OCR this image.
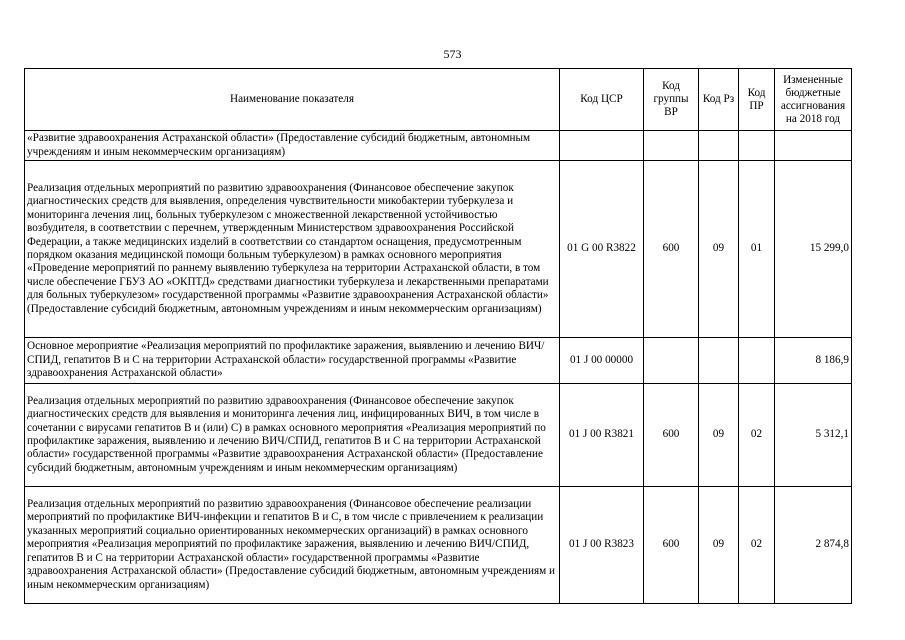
573
Наименование показателя	Код ЦСР	Код группы ВР	Код Рз	Код ПР	Измененные бюджетные ассигнования на 2018 год
«Развитие здравоохранения Астраханской области» (Предоставление субсидий бюджетным, автономным учреждениям и иным некоммерческим организациям)					
Реализация отдельных мероприятий по развитию здравоохранения (Финансовое обеспечение закупок диагностических средств для выявления, определения чувствительности микобактерии туберкулеза и мониторинга лечения лиц, больных туберкулезом с множественной лекарственной устойчивостью возбудителя, в соответствии с перечнем, утвержденным Министерством здравоохранения Российской Федерации, а также медицинских изделий в соответствии со стандартом оснащения, предусмотренным порядком оказания медицинской помощи больным туберкулезом) в рамках основного мероприятия «Проведение мероприятий по раннему выявлению туберкулеза на территории Астраханской области, в том числе обеспечение ГБУЗ АО «ОКПТД» средствами диагностики туберкулеза и лекарственными препаратами для больных туберкулезом» государственной программы «Развитие здравоохранения Астраханской области» (Предоставление субсидий бюджетным, автономным учреждениям и иным некоммерческим организациям)	01 G 00 R3822	600	09	01	15 299,0
Основное мероприятие «Реализация мероприятий по профилактике заражения, выявлению и лечению ВИЧ/СПИД, гепатитов В и С на территории Астраханской области» государственной программы «Развитие здравоохранения Астраханской области»	01 J 00 00000				8 186,9
Реализация отдельных мероприятий по развитию здравоохранения (Финансовое обеспечение закупок диагностических средств для выявления и мониторинга лечения лиц, инфицированных ВИЧ, в том числе в сочетании с вирусами гепатитов В и (или) С) в рамках основного мероприятия «Реализация мероприятий по профилактике заражения, выявлению и лечению ВИЧ/СПИД, гепатитов В и С на территории Астраханской области» государственной программы «Развитие здравоохранения Астраханской области» (Предоставление субсидий бюджетным, автономным учреждениям и иным некоммерческим организациям)	01 J 00 R3821	600	09	02	5 312,1
Реализация отдельных мероприятий по развитию здравоохранения (Финансовое обеспечение реализации мероприятий по профилактике ВИЧ-инфекции и гепатитов В и С, в том числе с привлечением к реализации указанных мероприятий социально ориентированных некоммерческих организаций) в рамках основного мероприятия «Реализация мероприятий по профилактике заражения, выявлению и лечению ВИЧ/СПИД, гепатитов В и С на территории Астраханской области» государственной программы «Развитие здравоохранения Астраханской области» (Предоставление субсидий бюджетным, автономным учреждениям и иным некоммерческим организациям)	01 J 00 R3823	600	09	02	2 874,8
